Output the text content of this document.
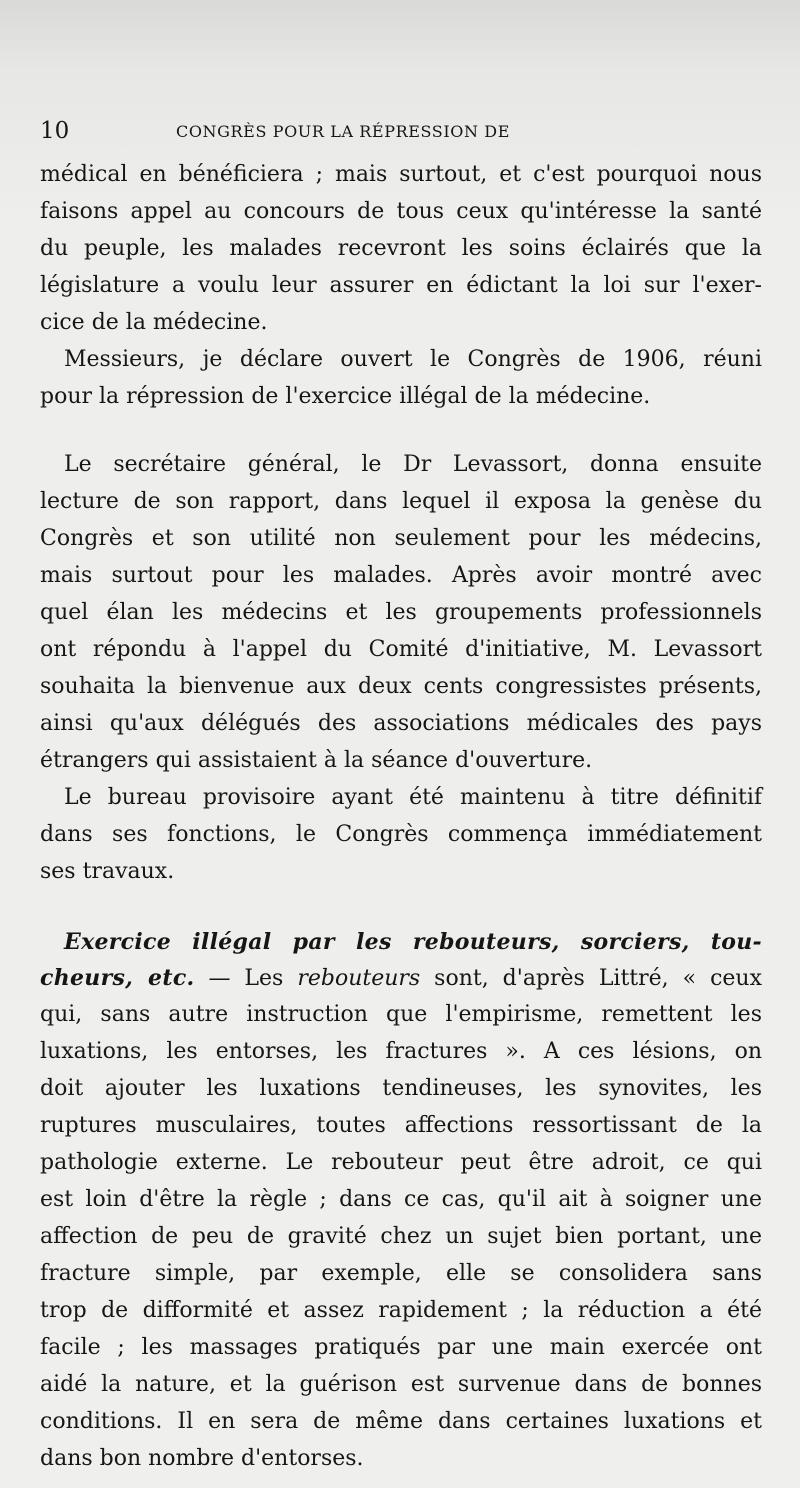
10	CONGRÈS POUR LA RÉPRESSION DE
médical en bénéficiera ; mais surtout, et c'est pourquoi nous
faisons appel au concours de tous ceux qu'intéresse la santé
du peuple, les malades recevront les soins éclairés que la
législature a voulu leur assurer en édictant la loi sur l'exer-
cice de la médecine.
Messieurs, je déclare ouvert le Congrès de 1906, réuni
pour la répression de l'exercice illégal de la médecine.
Le secrétaire général, le Dr Levassort, donna ensuite
lecture de son rapport, dans lequel il exposa la genèse du
Congrès et son utilité non seulement pour les médecins,
mais surtout pour les malades. Après avoir montré avec
quel élan les médecins et les groupements professionnels
ont répondu à l'appel du Comité d'initiative, M. Levassort
souhaita la bienvenue aux deux cents congressistes présents,
ainsi qu'aux délégués des associations médicales des pays
étrangers qui assistaient à la séance d'ouverture.
Le bureau provisoire ayant été maintenu à titre définitif
dans ses fonctions, le Congrès commença immédiatement
ses travaux.
Exercice illégal par les rebouteurs, sorciers, tou-
cheurs, etc. — Les rebouteurs sont, d'après Littré, « ceux
qui, sans autre instruction que l'empirisme, remettent les
luxations, les entorses, les fractures ». A ces lésions, on
doit ajouter les luxations tendineuses, les synovites, les
ruptures musculaires, toutes affections ressortissant de la
pathologie externe. Le rebouteur peut être adroit, ce qui
est loin d'être la règle ; dans ce cas, qu'il ait à soigner une
affection de peu de gravité chez un sujet bien portant, une
fracture simple, par exemple, elle se consolidera sans
trop de difformité et assez rapidement ; la réduction a été
facile ; les massages pratiqués par une main exercée ont
aidé la nature, et la guérison est survenue dans de bonnes
conditions. Il en sera de même dans certaines luxations et
dans bon nombre d'entorses.
